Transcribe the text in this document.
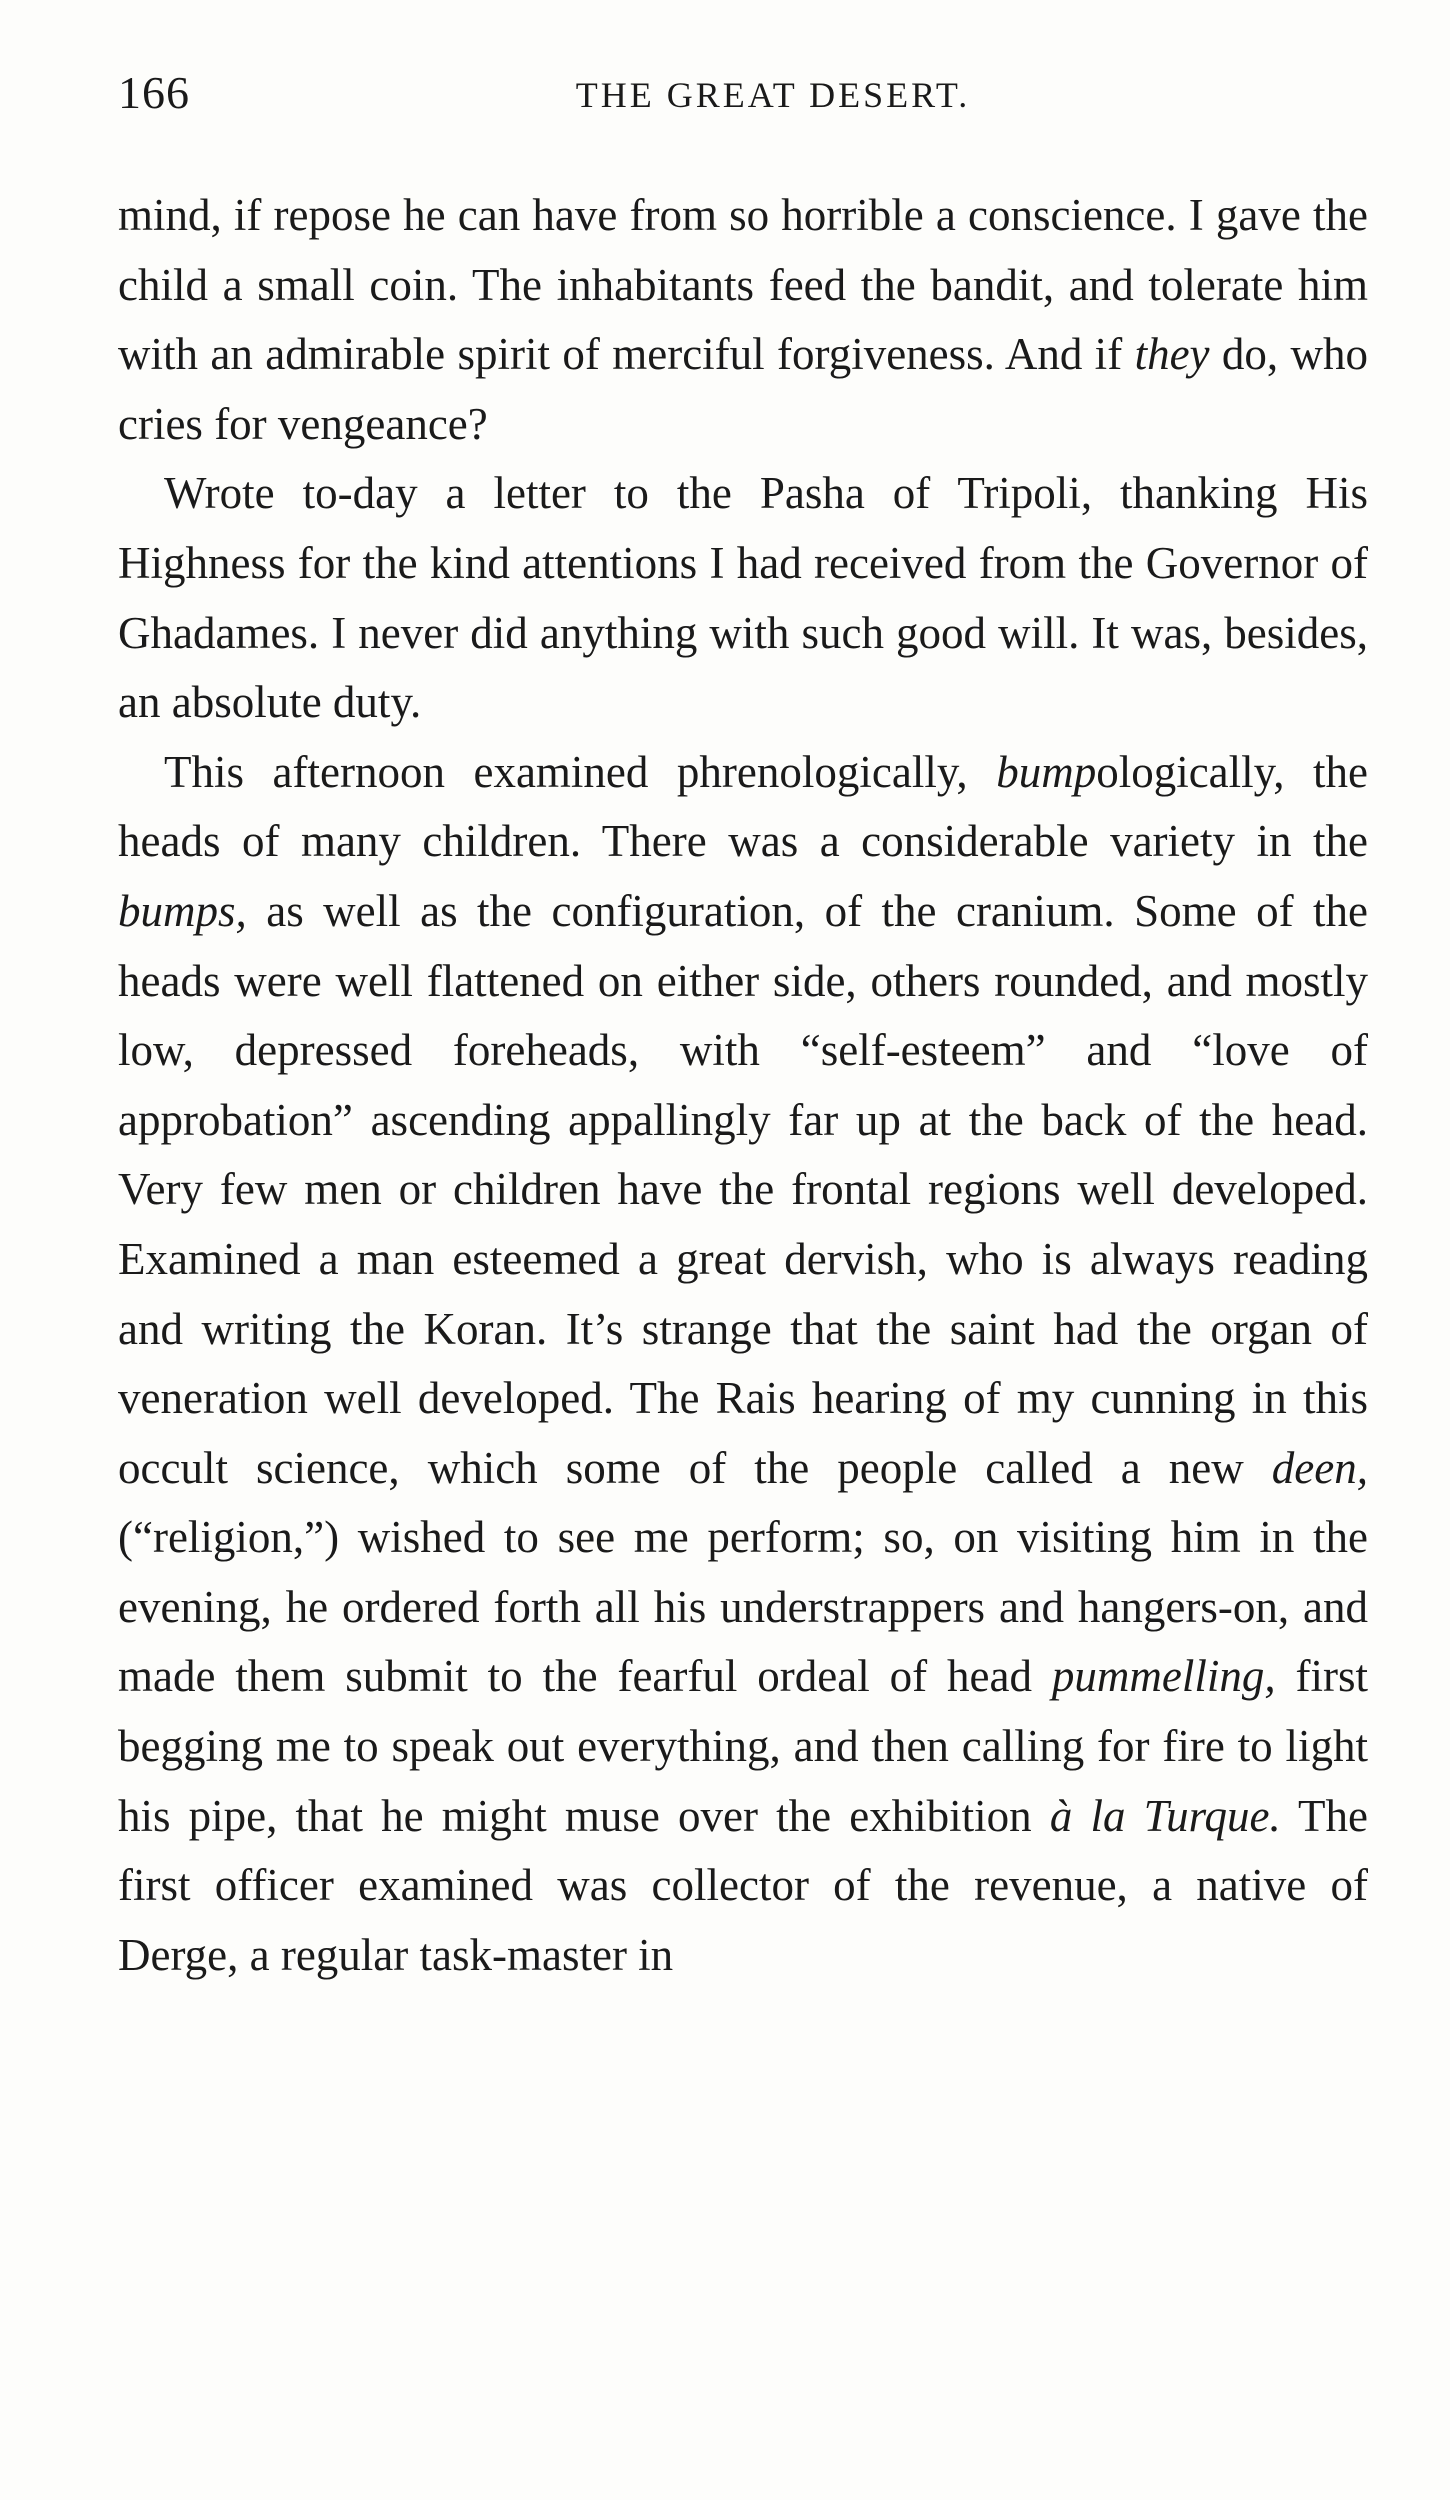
166	THE GREAT DESERT.

mind, if repose he can have from so horrible a conscience. I gave the child a small coin. The inhabitants feed the bandit, and tolerate him with an admirable spirit of merciful forgiveness. And if they do, who cries for vengeance?

Wrote to-day a letter to the Pasha of Tripoli, thanking His Highness for the kind attentions I had received from the Governor of Ghadames. I never did anything with such good will. It was, besides, an absolute duty.

This afternoon examined phrenologically, bumpologically, the heads of many children. There was a considerable variety in the bumps, as well as the configuration, of the cranium. Some of the heads were well flattened on either side, others rounded, and mostly low, depressed foreheads, with “self-esteem” and “love of approbation” ascending appallingly far up at the back of the head. Very few men or children have the frontal regions well developed. Examined a man esteemed a great dervish, who is always reading and writing the Koran. It’s strange that the saint had the organ of veneration well developed. The Rais hearing of my cunning in this occult science, which some of the people called a new deen, (“religion,”) wished to see me perform; so, on visiting him in the evening, he ordered forth all his understrappers and hangers-on, and made them submit to the fearful ordeal of head pummelling, first begging me to speak out everything, and then calling for fire to light his pipe, that he might muse over the exhibition à la Turque. The first officer examined was collector of the revenue, a native of Derge, a regular task-master in
